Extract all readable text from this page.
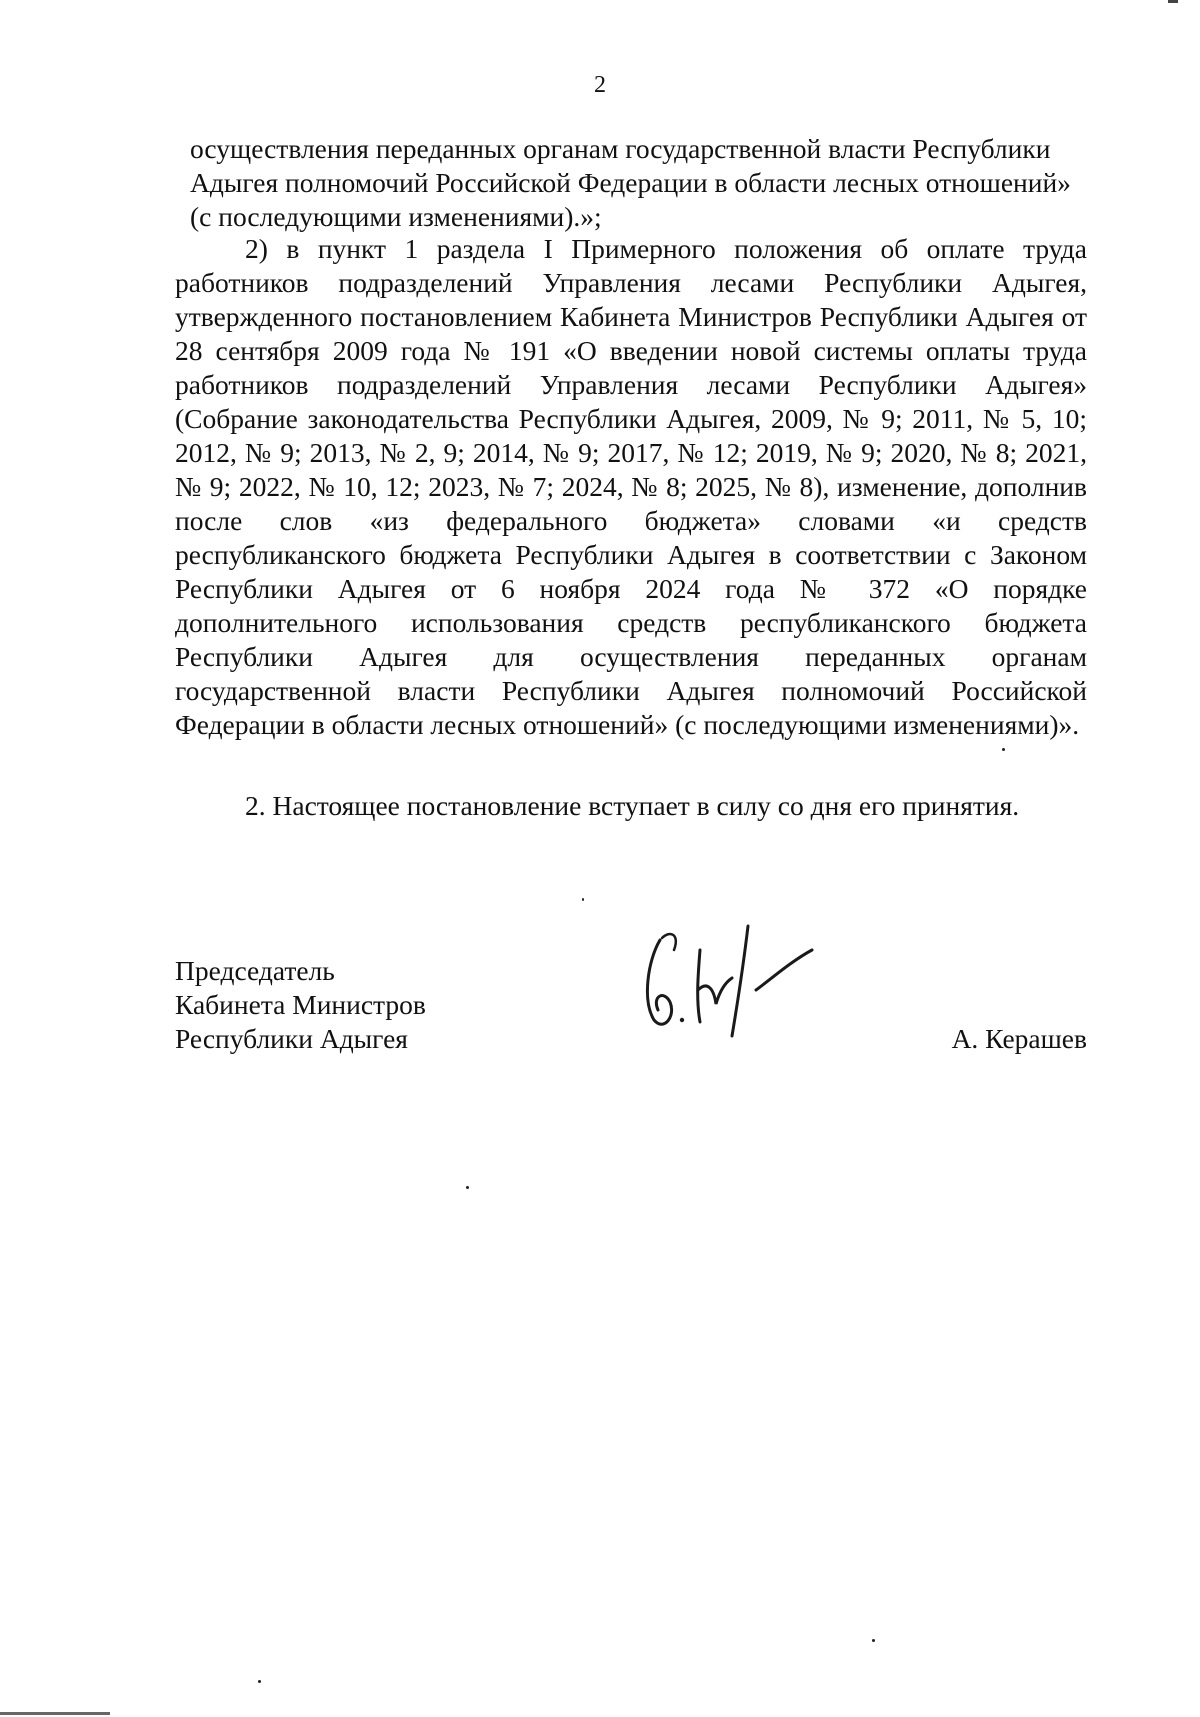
2
осуществления переданных органам государственной власти Республики Адыгея полномочий Российской Федерации в области лесных отношений» (с последующими изменениями).»;
2) в пункт 1 раздела I Примерного положения об оплате труда работников подразделений Управления лесами Республики Адыгея, утвержденного постановлением Кабинета Министров Республики Адыгея от 28 сентября 2009 года № 191 «О введении новой системы оплаты труда работников подразделений Управления лесами Республики Адыгея» (Собрание законодательства Республики Адыгея, 2009, № 9; 2011, № 5, 10; 2012, № 9; 2013, № 2, 9; 2014, № 9; 2017, № 12; 2019, № 9; 2020, № 8; 2021, № 9; 2022, № 10, 12; 2023, № 7; 2024, № 8; 2025, № 8), изменение, дополнив после слов «из федерального бюджета» словами «и средств республиканского бюджета Республики Адыгея в соответствии с Законом Республики Адыгея от 6 ноября 2024 года № 372 «О порядке дополнительного использования средств республиканского бюджета Республики Адыгея для осуществления переданных органам государственной власти Республики Адыгея полномочий Российской Федерации в области лесных отношений» (с последующими изменениями)».
2. Настоящее постановление вступает в силу со дня его принятия.
Председатель
Кабинета Министров
Республики Адыгея	А. Керашев
